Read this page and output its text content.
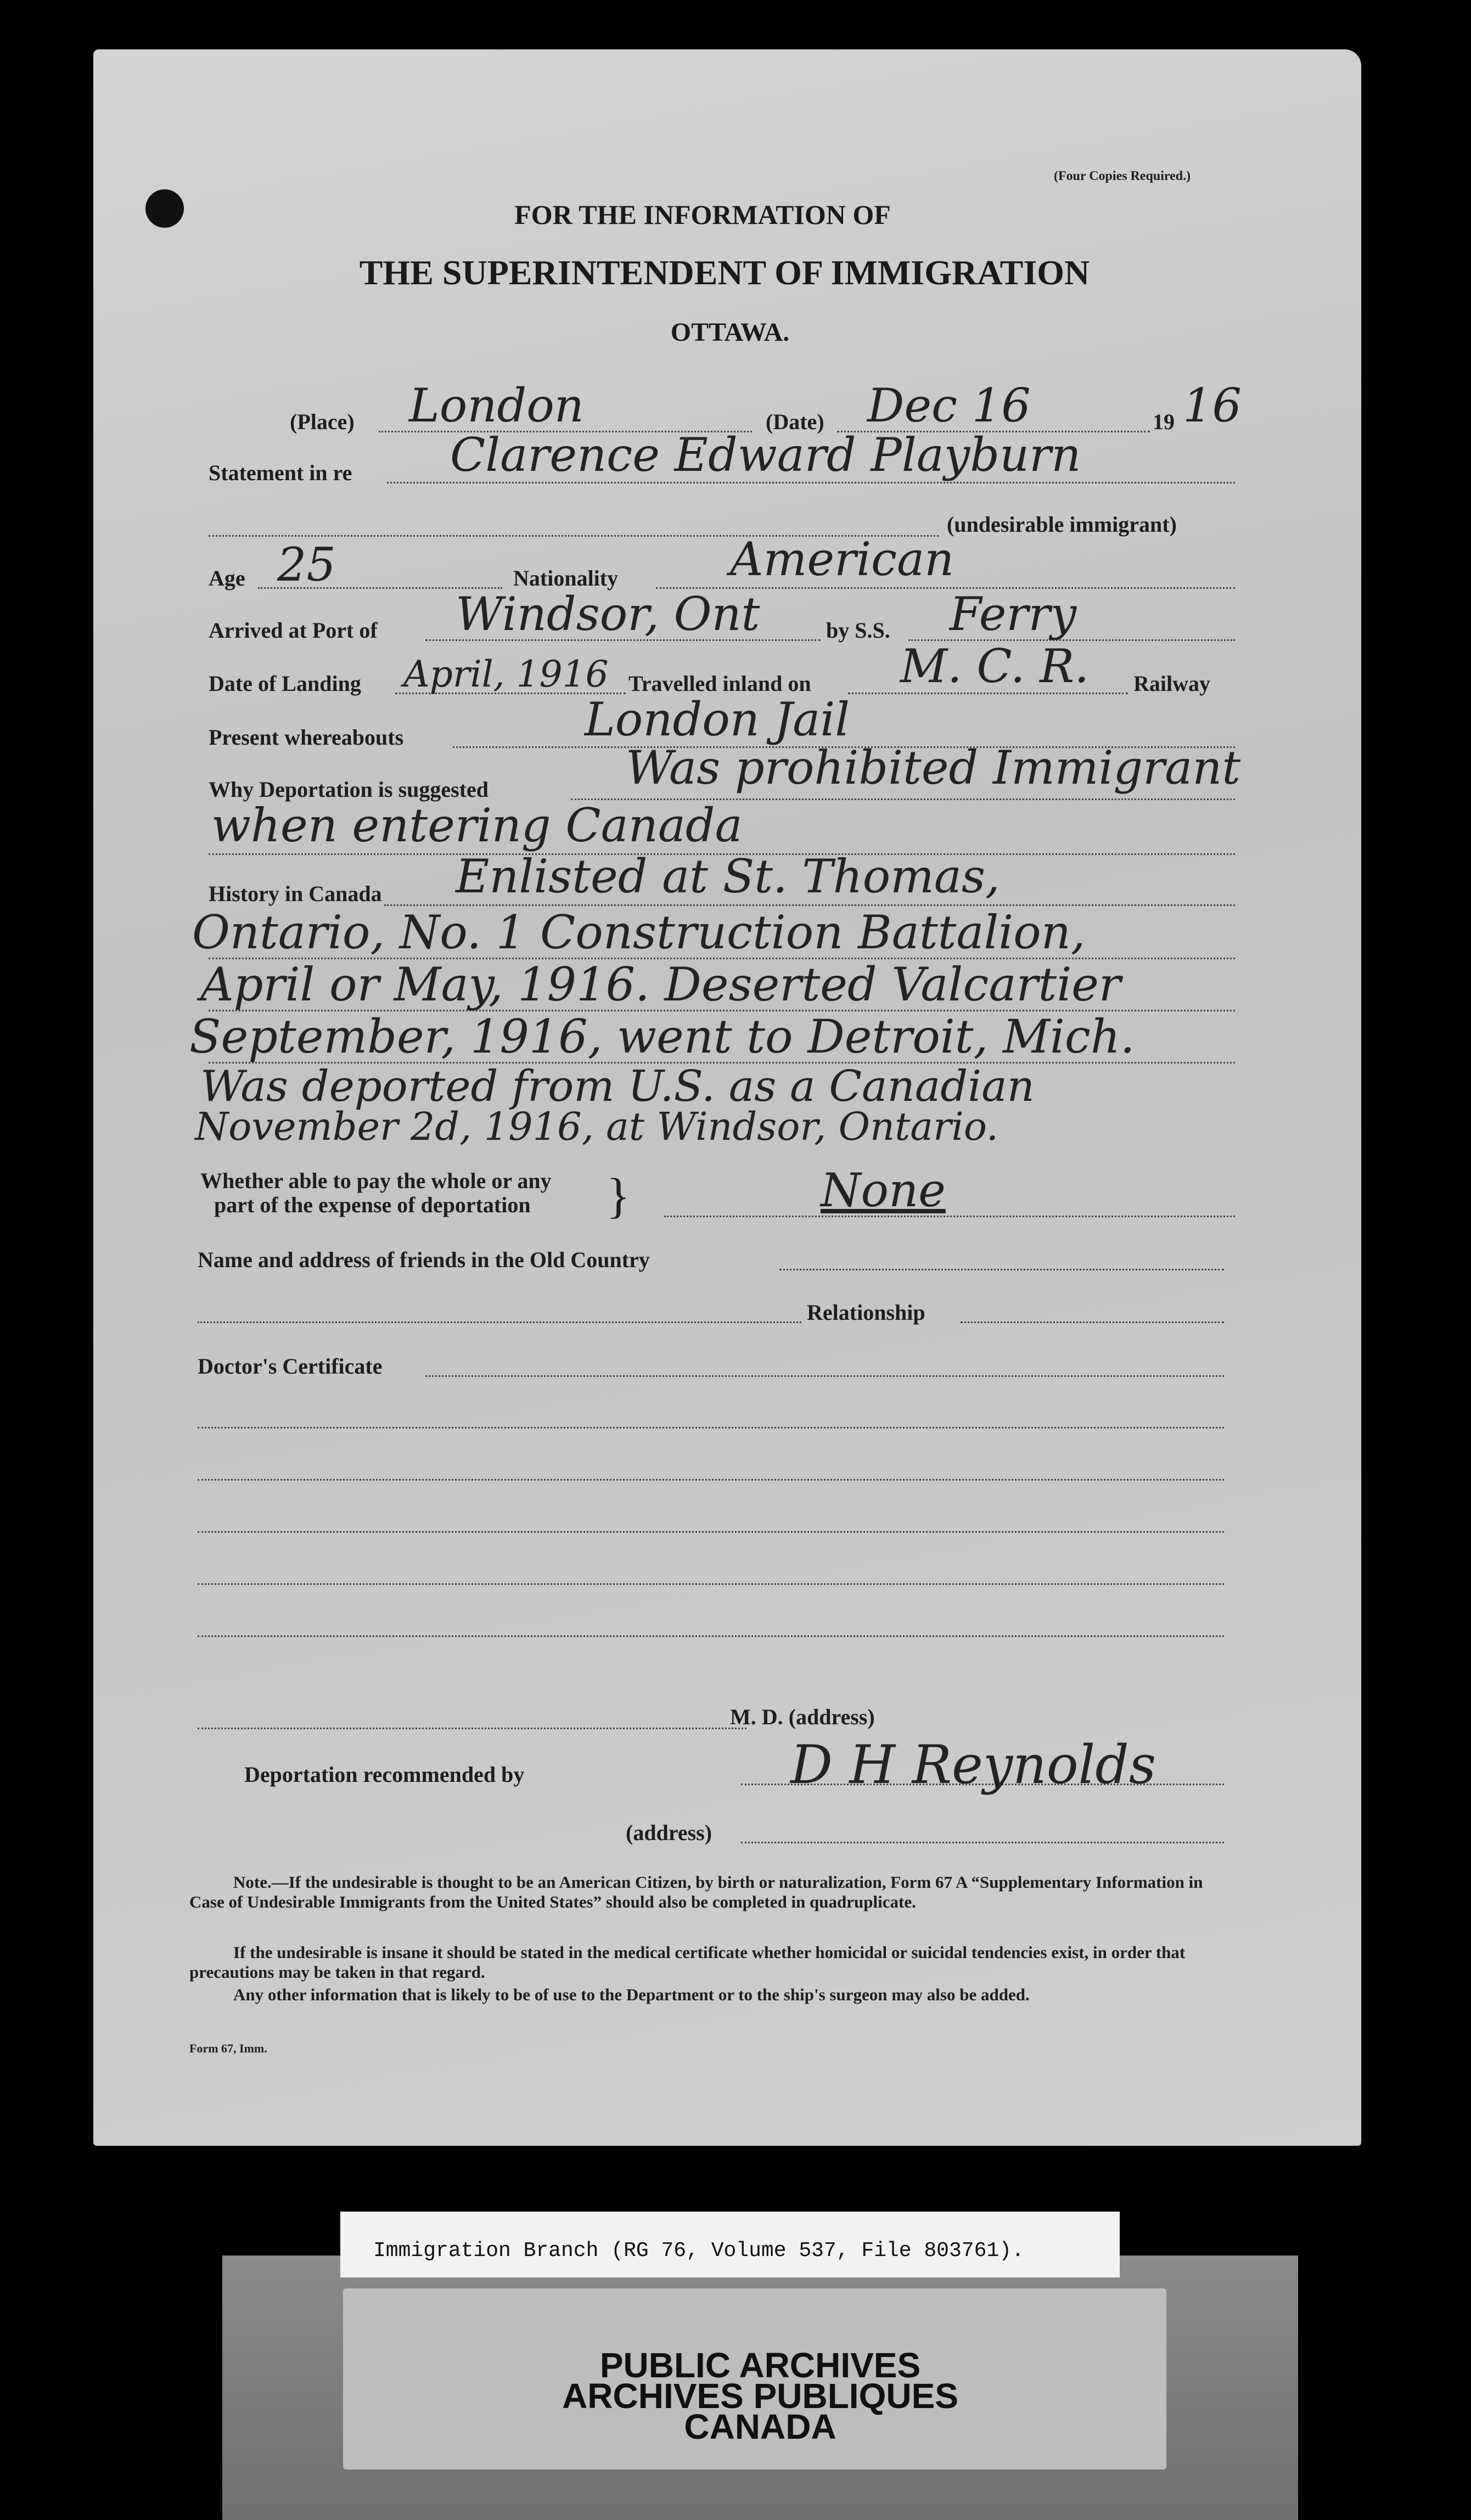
(Four Copies Required.)
FOR THE INFORMATION OF
THE SUPERINTENDENT OF IMMIGRATION
OTTAWA.
(Place) London	(Date) Dec 16	19 16
Statement in re Clarence Edward Playburn
(undesirable immigrant)
Age 25	Nationality American
Arrived at Port of Windsor, Ont	by S.S. Ferry
Date of Landing April, 1916 Travelled inland on M. C. R. Railway
Present whereabouts	London Jail
Why Deportation is suggested	Was prohibited Immigrant
when entering Canada
History in Canada Enlisted at St. Thomas,
Ontario, No. 1 Construction Battalion,
April or May, 1916. Deserted Valcartier
September, 1916, went to Detroit, Mich.
Was deported from U.S. as a Canadian
November 2d, 1916, at Windsor, Ontario.
Whether able to pay the whole or any
part of the expense of deportation }	None
Name and address of friends in the Old Country
Relationship
Doctor's Certificate
M. D. (address)
Deportation recommended by	D H Reynolds
(address)
Note.—If the undesirable is thought to be an American Citizen, by birth or naturalization, Form 67 A “Supplementary Information in Case of Undesirable Immigrants from the United States” should also be completed in quadruplicate.
If the undesirable is insane it should be stated in the medical certificate whether homicidal or suicidal tendencies exist, in order that precautions may be taken in that regard.
Any other information that is likely to be of use to the Department or to the ship's surgeon may also be added.
Form 67, Imm.
PUBLIC ARCHIVES
ARCHIVES PUBLIQUES
CANADA
Immigration Branch (RG 76, Volume 537, File 803761).
